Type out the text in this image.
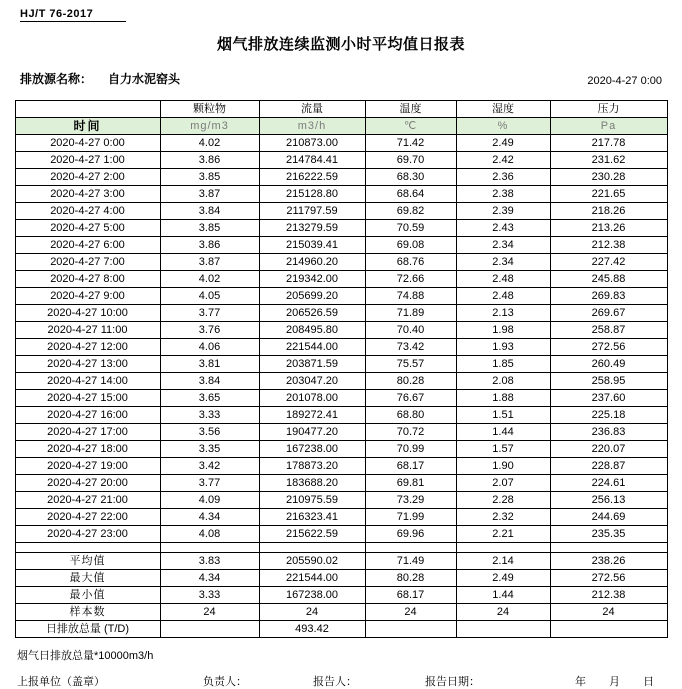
HJ/T 76-2017
烟气排放连续监测小时平均值日报表
排放源名称： 自力水泥窑头	2020-4-27 0:00
	颗粒物	流量	温度	湿度	压力
时间	mg/m3	m3/h	℃	%	Pa
2020-4-27 0:00	4.02	210873.00	71.42	2.49	217.78
2020-4-27 1:00	3.86	214784.41	69.70	2.42	231.62
2020-4-27 2:00	3.85	216222.59	68.30	2.36	230.28
2020-4-27 3:00	3.87	215128.80	68.64	2.38	221.65
2020-4-27 4:00	3.84	211797.59	69.82	2.39	218.26
2020-4-27 5:00	3.85	213279.59	70.59	2.43	213.26
2020-4-27 6:00	3.86	215039.41	69.08	2.34	212.38
2020-4-27 7:00	3.87	214960.20	68.76	2.34	227.42
2020-4-27 8:00	4.02	219342.00	72.66	2.48	245.88
2020-4-27 9:00	4.05	205699.20	74.88	2.48	269.83
2020-4-27 10:00	3.77	206526.59	71.89	2.13	269.67
2020-4-27 11:00	3.76	208495.80	70.40	1.98	258.87
2020-4-27 12:00	4.06	221544.00	73.42	1.93	272.56
2020-4-27 13:00	3.81	203871.59	75.57	1.85	260.49
2020-4-27 14:00	3.84	203047.20	80.28	2.08	258.95
2020-4-27 15:00	3.65	201078.00	76.67	1.88	237.60
2020-4-27 16:00	3.33	189272.41	68.80	1.51	225.18
2020-4-27 17:00	3.56	190477.20	70.72	1.44	236.83
2020-4-27 18:00	3.35	167238.00	70.99	1.57	220.07
2020-4-27 19:00	3.42	178873.20	68.17	1.90	228.87
2020-4-27 20:00	3.77	183688.20	69.81	2.07	224.61
2020-4-27 21:00	4.09	210975.59	73.29	2.28	256.13
2020-4-27 22:00	4.34	216323.41	71.99	2.32	244.69
2020-4-27 23:00	4.08	215622.59	69.96	2.21	235.35

平均值	3.83	205590.02	71.49	2.14	238.26
最大值	4.34	221544.00	80.28	2.49	272.56
最小值	3.33	167238.00	68.17	1.44	212.38
样本数	24	24	24	24	24
日排放总量 (T/D)		493.42			
烟气日排放总量*10000m3/h
上报单位（盖章）	负责人：	报告人：	报告日期：	年 月 日
